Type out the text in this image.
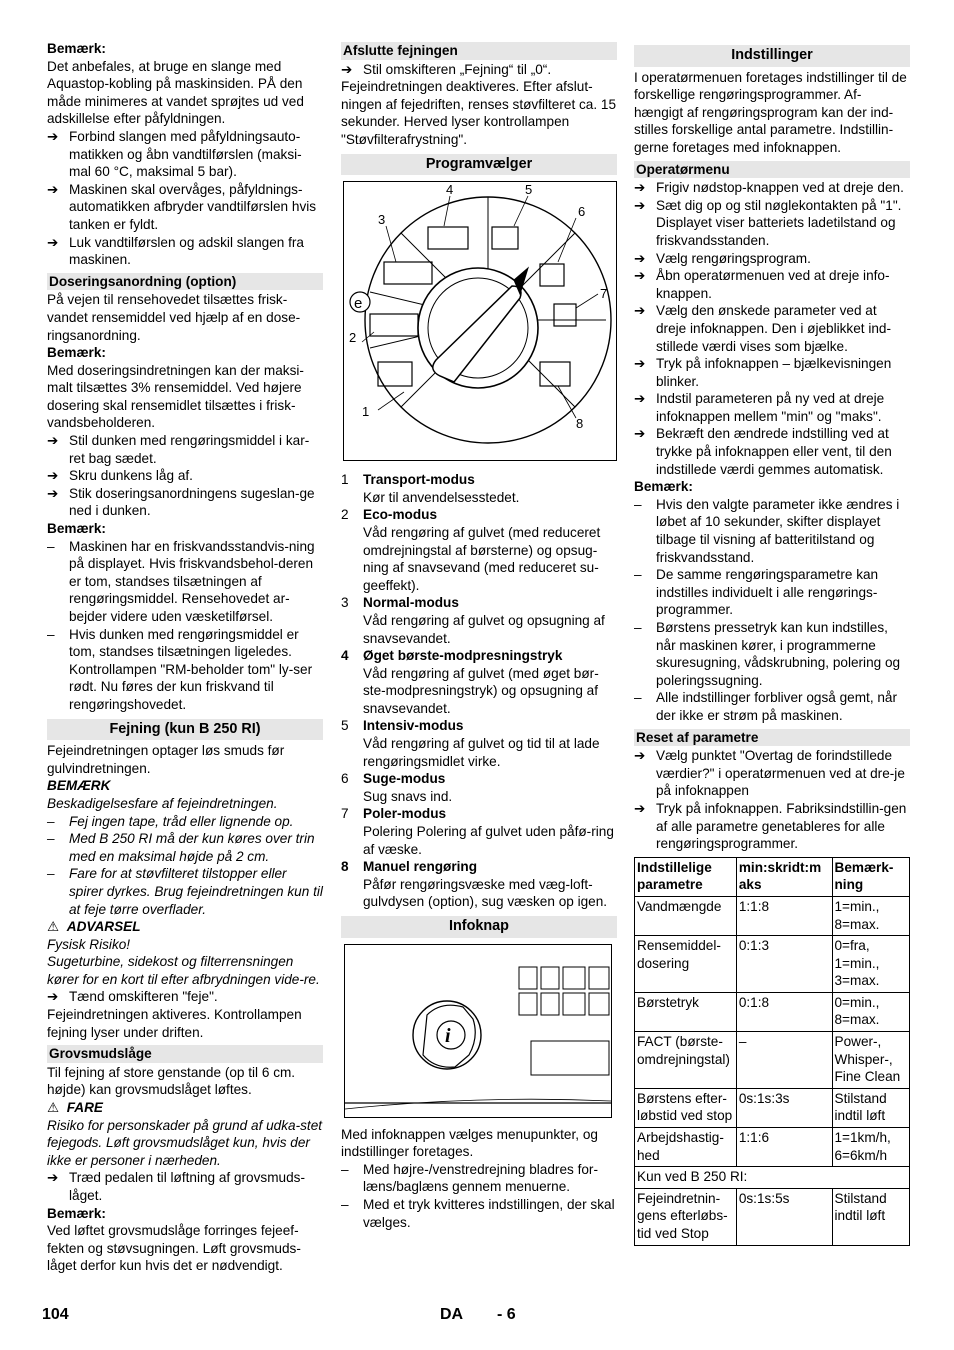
Bemærk:

Det anbefales, at bruge en slange med Aquastop-kobling på maskinsiden. PÅ den måde minimeres at vandet sprøjtes ud ved adskillelse efter påfyldningen.

➔ Forbind slangen med påfyldningsauto-matikken og åbn vandtilførslen (maksi-mal 60 °C, maksimal 5 bar).

➔ Maskinen skal overvåges, påfyldnings-automatikken afbryder vandtilførslen hvis tanken er fyldt.

➔ Luk vandtilførslen og adskil slangen fra maskinen.

Doseringsanordning (option)

På vejen til rensehovedet tilsættes frisk-vandet rensemiddel ved hjælp af en dose-ringsanordning.

Bemærk:

Med doseringsindretningen kan der maksi-malt tilsættes 3% rensemiddel. Ved højere dosering skal rensemidlet tilsættes i frisk-vandsbeholderen.

➔ Stil dunken med rengøringsmiddel i kar-ret bag sædet.

➔ Skru dunkens låg af.

➔ Stik doseringsanordningens sugeslan-ge ned i dunken.

Bemærk:

– Maskinen har en friskvandsstandvis-ning på displayet. Hvis friskvandsbehol-deren er tom, standses tilsætningen af rengøringsmiddel. Rensehovedet ar-bejder videre uden væsketilførsel.

– Hvis dunken med rengøringsmiddel er tom, standses tilsætningen ligeledes. Kontrollampen "RM-beholder tom" ly-ser rødt. Nu føres der kun friskvand til rengøringshovedet.

Fejning (kun B 250 RI)

Fejeindretningen optager løs smuds før gulvindretningen.

BEMÆRK

Beskadigelsesfare af fejeindretningen.

– Fej ingen tape, tråd eller lignende op.

– Med B 250 RI må der kun køres over trin med en maksimal højde på 2 cm.

– Fare for at støvfilteret tilstopper eller spirer dyrkes. Brug fejeindretningen kun til at feje tørre overflader.

⚠ ADVARSEL

Fysisk Risiko!

Sugeturbine, sidekost og filterrensningen kører for en kort til efter afbrydningen vide-re.

➔ Tænd omskifteren "feje".

Fejeindretningen aktiveres. Kontrollampen fejning lyser under driften.

Grovsmudslåge

Til fejning af store genstande (op til 6 cm. højde) kan grovsmudslåget løftes.

⚠ FARE

Risiko for personskader på grund af udka-stet fejegods. Løft grovsmudslåget kun, hvis der ikke er personer i nærheden.

➔ Træd pedalen til løftning af grovsmuds-låget.

Bemærk:

Ved løftet grovsmudslåge forringes fejeef-fekten og støvsugningen. Løft grovsmuds-låget derfor kun hvis det er nødvendigt.

Afslutte fejningen

➔ Stil omskifteren „Fejning“ til „0“.

Fejeindretningen deaktiveres. Efter afslut-ningen af fejedriften, renses støvfilteret ca. 15 sekunder. Herved lyser kontrollampen "Støvfilterafrystning".

Programvælger
1
2
3
4	5
6
7
8
e
1 Transport-modus
Kør til anvendelsesstedet.
2 Eco-modus
Våd rengøring af gulvet (med reduceret omdrejningstal af børsterne) og opsug-ning af snavsevand (med reduceret su-geeffekt).
3 Normal-modus
Våd rengøring af gulvet og opsugning af snavsevandet.
4 Øget børste-modpresningstryk
Våd rengøring af gulvet (med øget bør-ste-modpresningstryk) og opsugning af snavsevandet.
5 Intensiv-modus
Våd rengøring af gulvet og tid til at lade rengøringsmidlet virke.
6 Suge-modus
Sug snavs ind.
7 Poler-modus
Polering Polering af gulvet uden påfø-ring af væske.
8 Manuel rengøring
Påfør rengøringsvæske med væg-loft-gulvdysen (option), sug væsken op igen.
Infoknap
i

Med infoknappen vælges menupunkter, og indstillinger foretages.

– Med højre-/venstredrejning bladres for-læns/baglæns gennem menuerne.

– Med et tryk kvitteres indstillingen, der skal vælges.

Indstillinger

I operatørmenuen foretages indstillinger til de forskellige rengøringsprogrammer. Af-hængigt af rengøringsprogram kan der ind-stilles forskellige antal parametre. Indstillin-gerne foretages med infoknappen.

Operatørmenu

➔ Frigiv nødstop-knappen ved at dreje den.

➔ Sæt dig op og stil nøglekontakten på "1".

Displayet viser batteriets ladetilstand og friskvandsstanden.

➔ Vælg rengøringsprogram.

➔ Åbn operatørmenuen ved at dreje info-knappen.

➔ Vælg den ønskede parameter ved at dreje infoknappen. Den i øjeblikket ind-stillede værdi vises som bjælke.

➔ Tryk på infoknappen – bjælkevisningen blinker.

➔ Indstil parameteren på ny ved at dreje infoknappen mellem "min" og "maks".

➔ Bekræft den ændrede indstilling ved at trykke på infoknappen eller vent, til den indstillede værdi gemmes automatisk.

Bemærk:

– Hvis den valgte parameter ikke ændres i løbet af 10 sekunder, skifter displayet tilbage til visning af batteritilstand og friskvandsstand.

– De samme rengøringsparametre kan indstilles individuelt i alle rengørings-programmer.

– Børstens pressetryk kan kun indstilles, når maskinen kører, i programmerne skuresugning, vådskrubning, polering og poleringssugning.

– Alle indstillinger forbliver også gemt, når der ikke er strøm på maskinen.

Reset af parametre

➔ Vælg punktet "Overtag de forindstillede værdier?" i operatørmenuen ved at dre-je på infoknappen

➔ Tryk på infoknappen. Fabriksindstillin-gen af alle parametre genetableres for alle rengøringsprogrammer.

Indstillelige parametre	min:skridt:m aks	Bemærk-ning
Vandmængde	1:1:8	1=min., 8=max.
Rensemiddel-dosering	0:1:3	0=fra, 1=min., 3=max.
Børstetryk	0:1:8	0=min., 8=max.
FACT (børste-omdrejningstal)	–	Power-, Whisper-, Fine Clean
Børstens efter-løbstid ved stop	0s:1s:3s	Stilstand indtil løft
Arbejdshastig-hed	1:1:6	1=1km/h, 6=6km/h
Kun ved B 250 RI:		
Fejeindretnin-gens efterløbs-tid ved Stop	0s:1s:5s	Stilstand indtil løft
104	DA - 6
